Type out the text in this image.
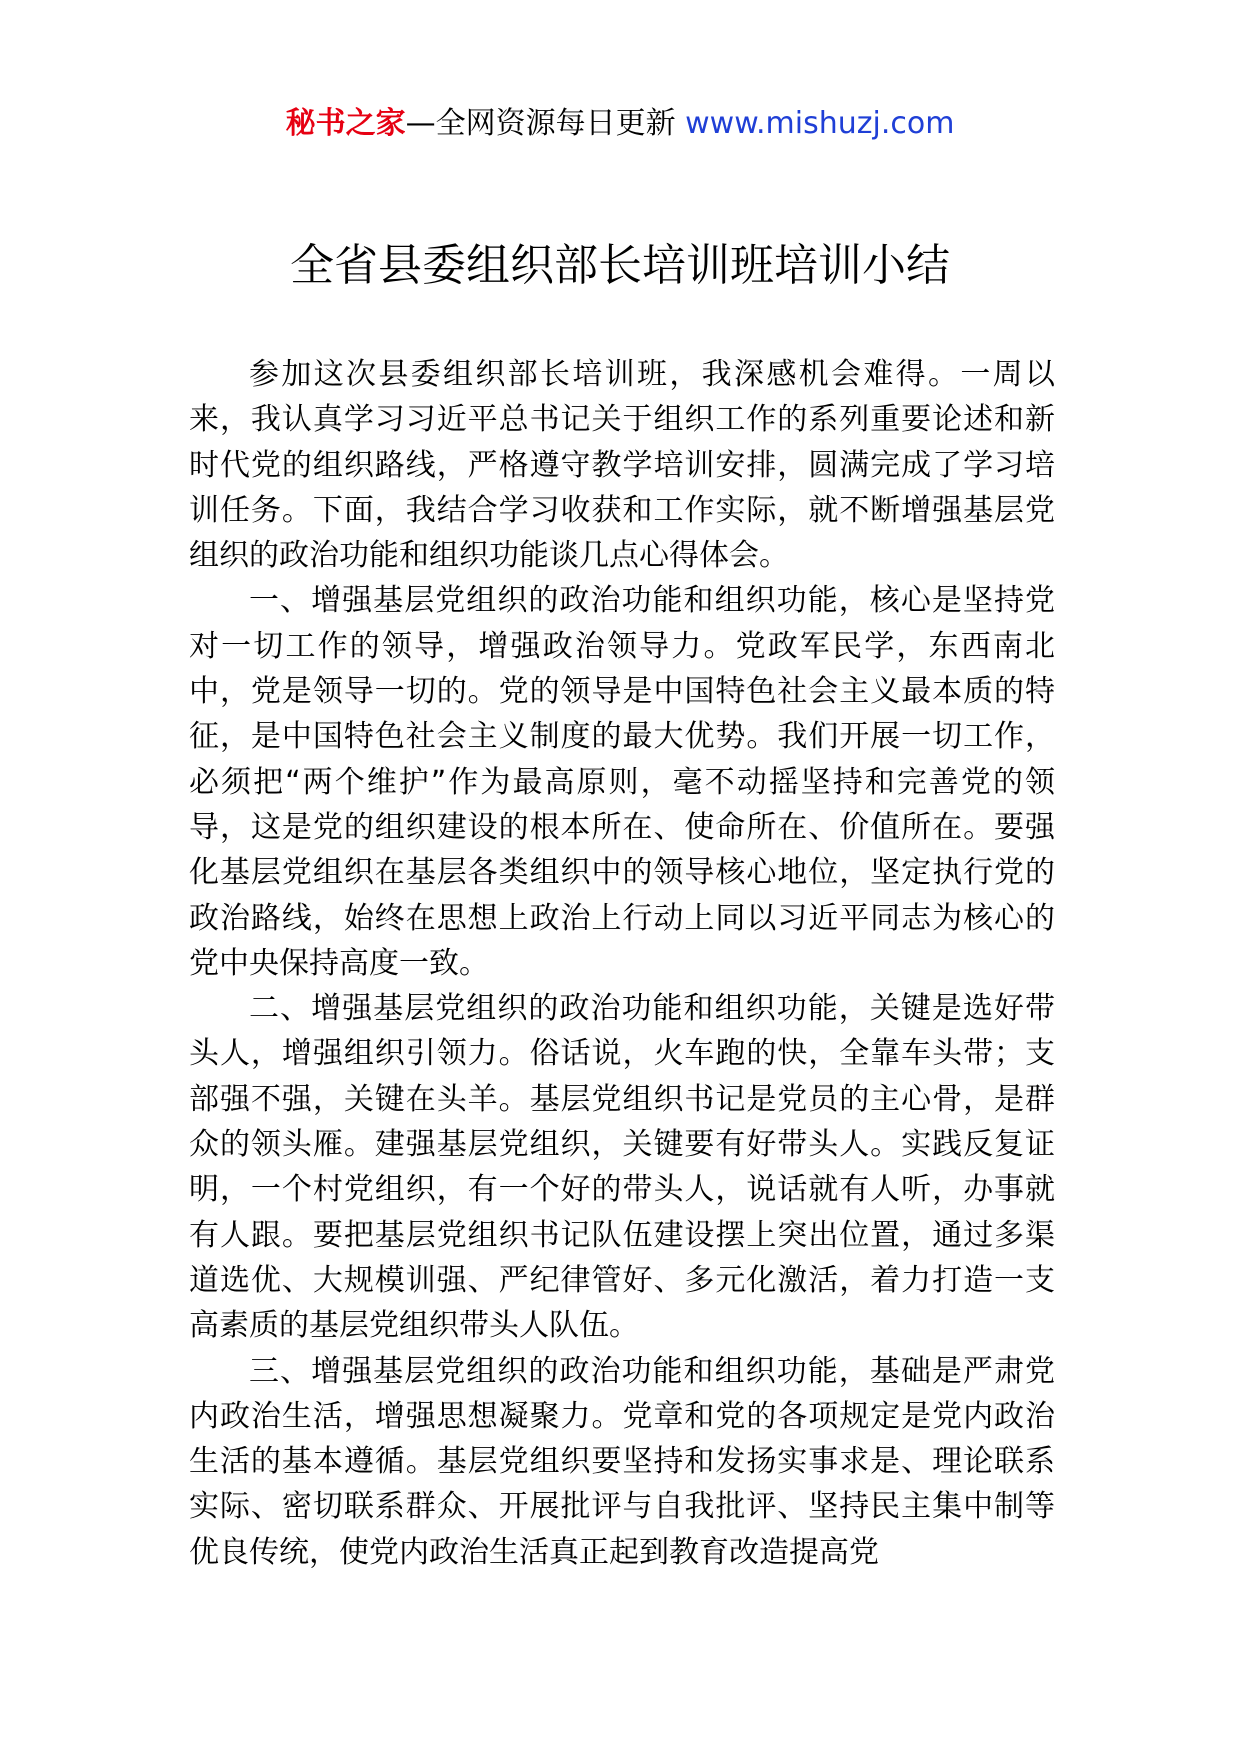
秘书之家—全网资源每日更新 www.mishuzj.com
全省县委组织部长培训班培训小结

参加这次县委组织部长培训班，我深感机会难得。一周以来，我认真学习习近平总书记关于组织工作的系列重要论述和新时代党的组织路线，严格遵守教学培训安排，圆满完成了学习培训任务。下面，我结合学习收获和工作实际，就不断增强基层党组织的政治功能和组织功能谈几点心得体会。

一、增强基层党组织的政治功能和组织功能，核心是坚持党对一切工作的领导，增强政治领导力。党政军民学，东西南北中，党是领导一切的。党的领导是中国特色社会主义最本质的特征，是中国特色社会主义制度的最大优势。我们开展一切工作，必须把“两个维护”作为最高原则，毫不动摇坚持和完善党的领导，这是党的组织建设的根本所在、使命所在、价值所在。要强化基层党组织在基层各类组织中的领导核心地位，坚定执行党的政治路线，始终在思想上政治上行动上同以习近平同志为核心的党中央保持高度一致。

二、增强基层党组织的政治功能和组织功能，关键是选好带头人，增强组织引领力。俗话说，火车跑的快，全靠车头带；支部强不强，关键在头羊。基层党组织书记是党员的主心骨，是群众的领头雁。建强基层党组织，关键要有好带头人。实践反复证明，一个村党组织，有一个好的带头人，说话就有人听，办事就有人跟。要把基层党组织书记队伍建设摆上突出位置，通过多渠道选优、大规模训强、严纪律管好、多元化激活，着力打造一支高素质的基层党组织带头人队伍。

三、增强基层党组织的政治功能和组织功能，基础是严肃党内政治生活，增强思想凝聚力。党章和党的各项规定是党内政治生活的基本遵循。基层党组织要坚持和发扬实事求是、理论联系实际、密切联系群众、开展批评与自我批评、坚持民主集中制等优良传统，使党内政治生活真正起到教育改造提高党
